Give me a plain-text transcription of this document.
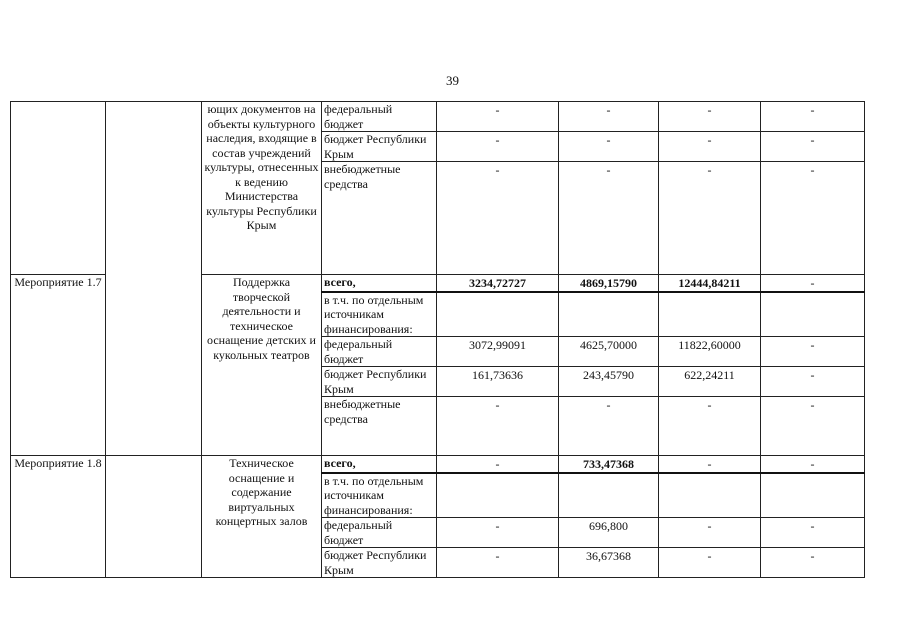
39
		ющих документов на объекты культурного наследия, входящие в состав учреждений культуры, отнесенных к ведению Министерства культуры Республики Крым	федеральный бюджет	-	-	-	-
			бюджет Республики Крым	-	-	-	-
			внебюджетные средства	-	-	-	-
Мероприятие 1.7		Поддержка творческой деятельности и техническое оснащение детских и кукольных театров	всего,	3234,72727	4869,15790	12444,84211	-
			в т.ч. по отдельным источникам финансирования:				
			федеральный бюджет	3072,99091	4625,70000	11822,60000	-
			бюджет Республики Крым	161,73636	243,45790	622,24211	-
			внебюджетные средства	-	-	-	-
Мероприятие 1.8		Техническое оснащение и содержание виртуальных концертных залов	всего,	-	733,47368	-	-
			в т.ч. по отдельным источникам финансирования:				
			федеральный бюджет	-	696,800	-	-
			бюджет Республики Крым	-	36,67368	-	-
